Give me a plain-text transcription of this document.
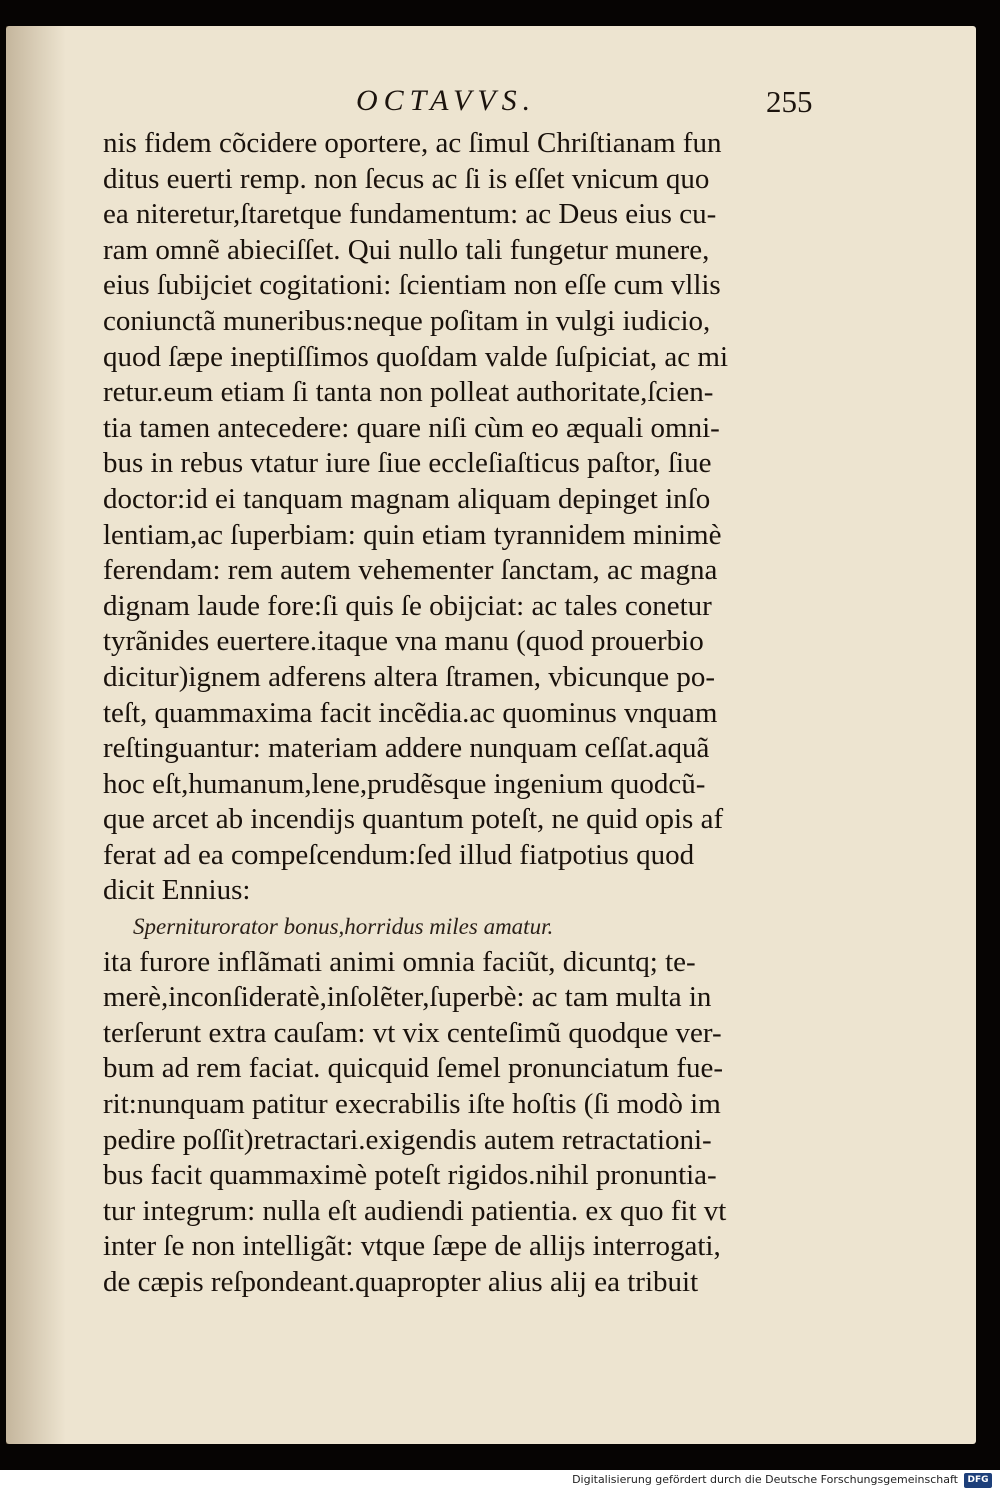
OCTAVVS.	255
nis fidem cõcidere oportere, ac ſimul Chriſtianam fun
ditus euerti remp. non ſecus ac ſi is eſſet vnicum quo
ea niteretur,ſtaretque fundamentum: ac Deus eius cu-
ram omnẽ abieciſſet. Qui nullo tali fungetur munere,
eius ſubijciet cogitationi: ſcientiam non eſſe cum vllis
coniunctã muneribus:neque poſitam in vulgi iudicio,
quod ſæpe ineptiſſimos quoſdam valde ſuſpiciat, ac mi
retur.eum etiam ſi tanta non polleat authoritate,ſcien-
tia tamen antecedere: quare niſi cùm eo æquali omni-
bus in rebus vtatur iure ſiue eccleſiaſticus paſtor, ſiue
doctor:id ei tanquam magnam aliquam depinget inſo
lentiam,ac ſuperbiam: quin etiam tyrannidem minimè
ferendam: rem autem vehementer ſanctam, ac magna
dignam laude fore:ſi quis ſe obijciat: ac tales conetur
tyrãnides euertere.itaque vna manu (quod prouerbio
dicitur)ignem adferens altera ſtramen, vbicunque po-
teſt, quammaxima facit incẽdia.ac quominus vnquam
reſtinguantur: materiam addere nunquam ceſſat.aquã
hoc eſt,humanum,lene,prudẽsque ingenium quodcũ-
que arcet ab incendijs quantum poteſt, ne quid opis af
ferat ad ea compeſcendum:ſed illud fiatpotius quod
dicit Ennius:
Sperniturorator bonus,horridus miles amatur.
ita furore inflãmati animi omnia faciũt, dicuntq; te-
merè,inconſideratè,inſolẽter,ſuperbè: ac tam multa in
terſerunt extra cauſam: vt vix centeſimũ quodque ver-
bum ad rem faciat. quicquid ſemel pronunciatum fue-
rit:nunquam patitur execrabilis iſte hoſtis (ſi modò im
pedire poſſit)retractari.exigendis autem retractationi-
bus facit quammaximè poteſt rigidos.nihil pronuntia-
tur integrum: nulla eſt audiendi patientia. ex quo fit vt
inter ſe non intelligãt: vtque ſæpe de allijs interrogati,
de cæpis reſpondeant.quapropter alius alij ea tribuit
Digitalisierung gefördert durch die Deutsche Forschungsgemeinschaft	DFG
